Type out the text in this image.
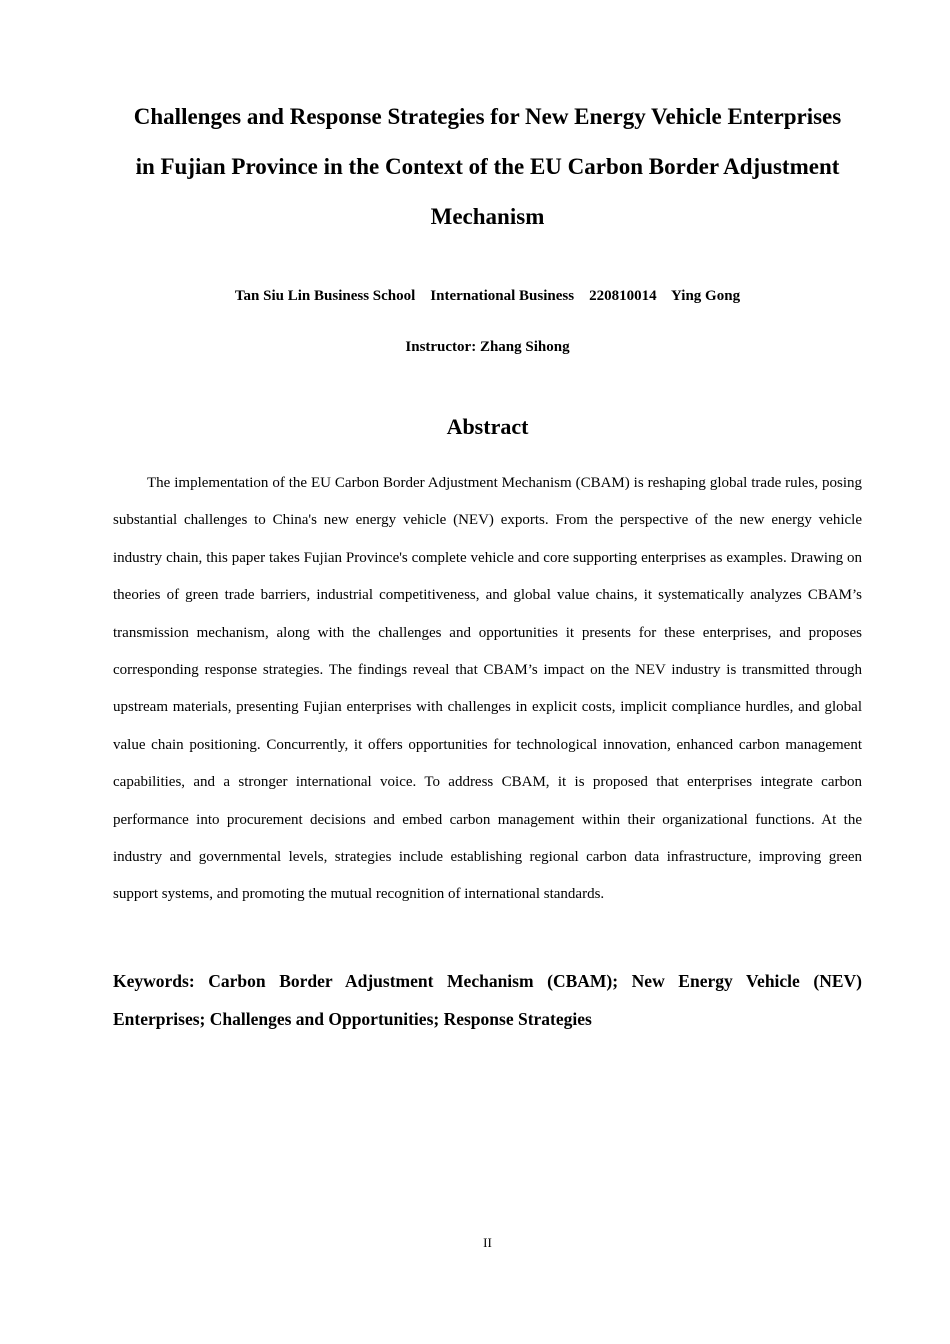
Challenges and Response Strategies for New Energy Vehicle Enterprises
in Fujian Province in the Context of the EU Carbon Border Adjustment
Mechanism
Tan Siu Lin Business School    International Business    220810014    Ying Gong
Instructor: Zhang Sihong
Abstract

The implementation of the EU Carbon Border Adjustment Mechanism (CBAM) is reshaping global trade rules, posing substantial challenges to China's new energy vehicle (NEV) exports. From the perspective of the new energy vehicle industry chain, this paper takes Fujian Province's complete vehicle and core supporting enterprises as examples. Drawing on theories of green trade barriers, industrial competitiveness, and global value chains, it systematically analyzes CBAM’s transmission mechanism, along with the challenges and opportunities it presents for these enterprises, and proposes corresponding response strategies. The findings reveal that CBAM’s impact on the NEV industry is transmitted through upstream materials, presenting Fujian enterprises with challenges in explicit costs, implicit compliance hurdles, and global value chain positioning. Concurrently, it offers opportunities for technological innovation, enhanced carbon management capabilities, and a stronger international voice. To address CBAM, it is proposed that enterprises integrate carbon performance into procurement decisions and embed carbon management within their organizational functions. At the industry and governmental levels, strategies include establishing regional carbon data infrastructure, improving green support systems, and promoting the mutual recognition of international standards.

Keywords: Carbon Border Adjustment Mechanism (CBAM); New Energy Vehicle (NEV) Enterprises; Challenges and Opportunities; Response Strategies

II
